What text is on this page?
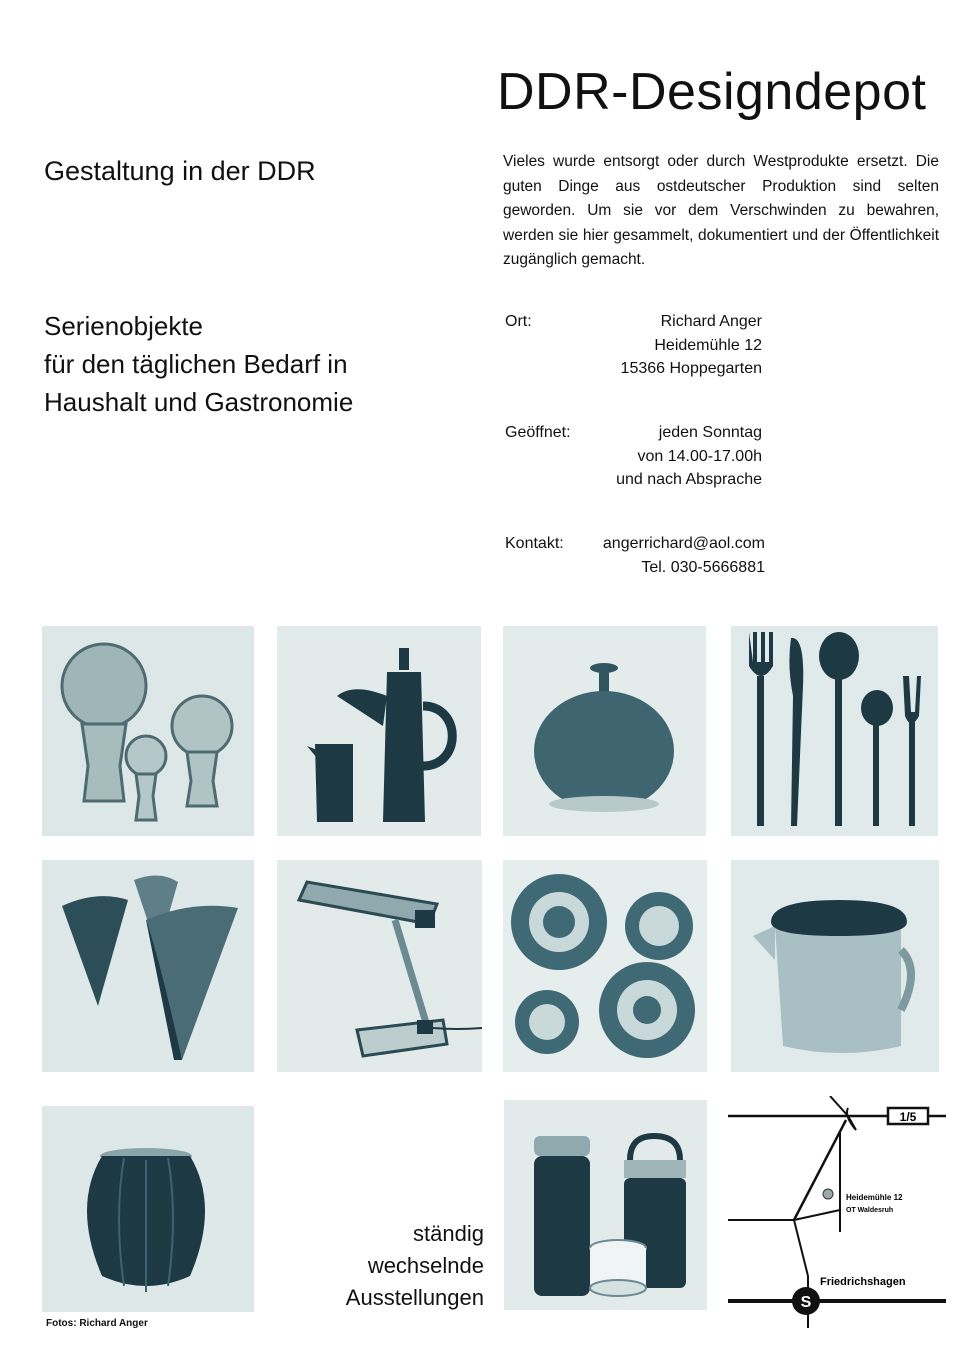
DDR-Designdepot
Gestaltung in der DDR	Vieles wurde entsorgt oder durch Westprodukte ersetzt. Die guten Dinge aus ostdeutscher Produktion sind selten geworden. Um sie vor dem Verschwinden zu bewahren, werden sie hier gesammelt, dokumentiert und der Öffentlichkeit zugänglich gemacht.
Serienobjekte
für den täglichen Bedarf in
Haushalt und Gastronomie
Ort:	Richard Anger
Heidemühle 12
15366 Hoppegarten
Geöffnet:	jeden Sonntag
von 14.00-17.00h
und nach Absprache
Kontakt:	angerrichard@aol.com
Tel. 030-5666881
ständig
wechselnde
Ausstellungen
Fotos: Richard Anger
1/5
Heidemühle 12
OT Waldesruh
S
Friedrichshagen
